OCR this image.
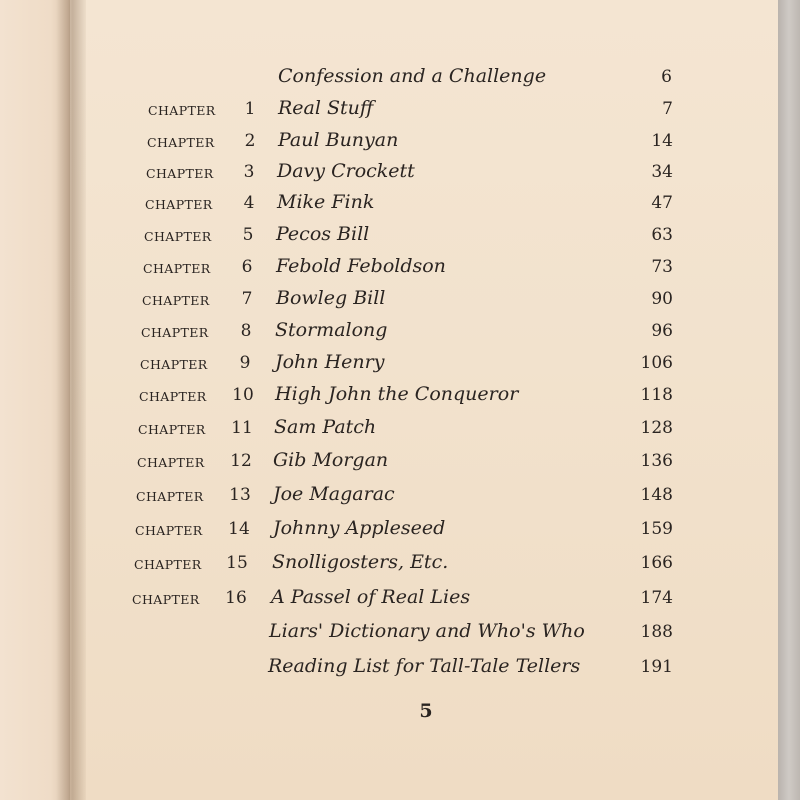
Confession and a Challenge	6
CHAPTER	1	Real Stuff	7
CHAPTER	2	Paul Bunyan	14
CHAPTER	3	Davy Crockett	34
CHAPTER	4	Mike Fink	47
CHAPTER	5	Pecos Bill	63
CHAPTER	6	Febold Feboldson	73
CHAPTER	7	Bowleg Bill	90
CHAPTER	8	Stormalong	96
CHAPTER	9	John Henry	106
CHAPTER 10 High John the Conqueror	118
CHAPTER 11 Sam Patch	128
CHAPTER 12 Gib Morgan	136
CHAPTER 13 Joe Magarac	148
CHAPTER 14 Johnny Appleseed	159
CHAPTER 15 Snolligosters, Etc.	166
CHAPTER 16 A Passel of Real Lies	174
Liars' Dictionary and Who's Who	188
Reading List for Tall-Tale Tellers	191
5
